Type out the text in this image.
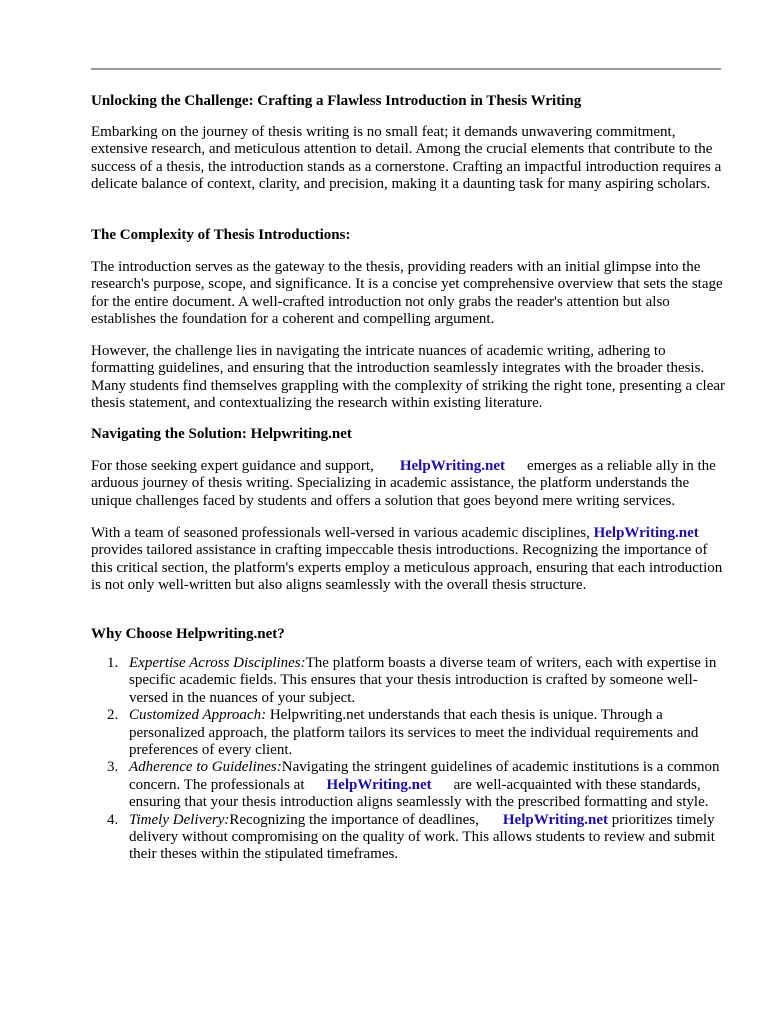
Unlocking the Challenge: Crafting a Flawless Introduction in Thesis Writing
Embarking on the journey of thesis writing is no small feat; it demands unwavering commitment, extensive research, and meticulous attention to detail. Among the crucial elements that contribute to the success of a thesis, the introduction stands as a cornerstone. Crafting an impactful introduction requires a delicate balance of context, clarity, and precision, making it a daunting task for many aspiring scholars.
The Complexity of Thesis Introductions:
The introduction serves as the gateway to the thesis, providing readers with an initial glimpse into the research's purpose, scope, and significance. It is a concise yet comprehensive overview that sets the stage for the entire document. A well-crafted introduction not only grabs the reader's attention but also establishes the foundation for a coherent and compelling argument.
However, the challenge lies in navigating the intricate nuances of academic writing, adhering to formatting guidelines, and ensuring that the introduction seamlessly integrates with the broader thesis. Many students find themselves grappling with the complexity of striking the right tone, presenting a clear thesis statement, and contextualizing the research within existing literature.
Navigating the Solution: Helpwriting.net
For those seeking expert guidance and support, HelpWriting.net emerges as a reliable ally in the arduous journey of thesis writing. Specializing in academic assistance, the platform understands the unique challenges faced by students and offers a solution that goes beyond mere writing services.
With a team of seasoned professionals well-versed in various academic disciplines, HelpWriting.netprovides tailored assistance in crafting impeccable thesis introductions. Recognizing the importance of this critical section, the platform's experts employ a meticulous approach, ensuring that each introduction is not only well-written but also aligns seamlessly with the overall thesis structure.
Why Choose Helpwriting.net?
1. Expertise Across Disciplines:The platform boasts a diverse team of writers, each with expertise in specific academic fields. This ensures that your thesis introduction is crafted by someone well-versed in the nuances of your subject.
2. Customized Approach: Helpwriting.net understands that each thesis is unique. Through a personalized approach, the platform tailors its services to meet the individual requirements and preferences of every client.
3. Adherence to Guidelines:Navigating the stringent guidelines of academic institutions is a common concern. The professionals at HelpWriting.net are well-acquainted with these standards, ensuring that your thesis introduction aligns seamlessly with the prescribed formatting and style.
4. Timely Delivery:Recognizing the importance of deadlines, HelpWriting.net prioritizes timely delivery without compromising on the quality of work. This allows students to review and submit their theses within the stipulated timeframes.
